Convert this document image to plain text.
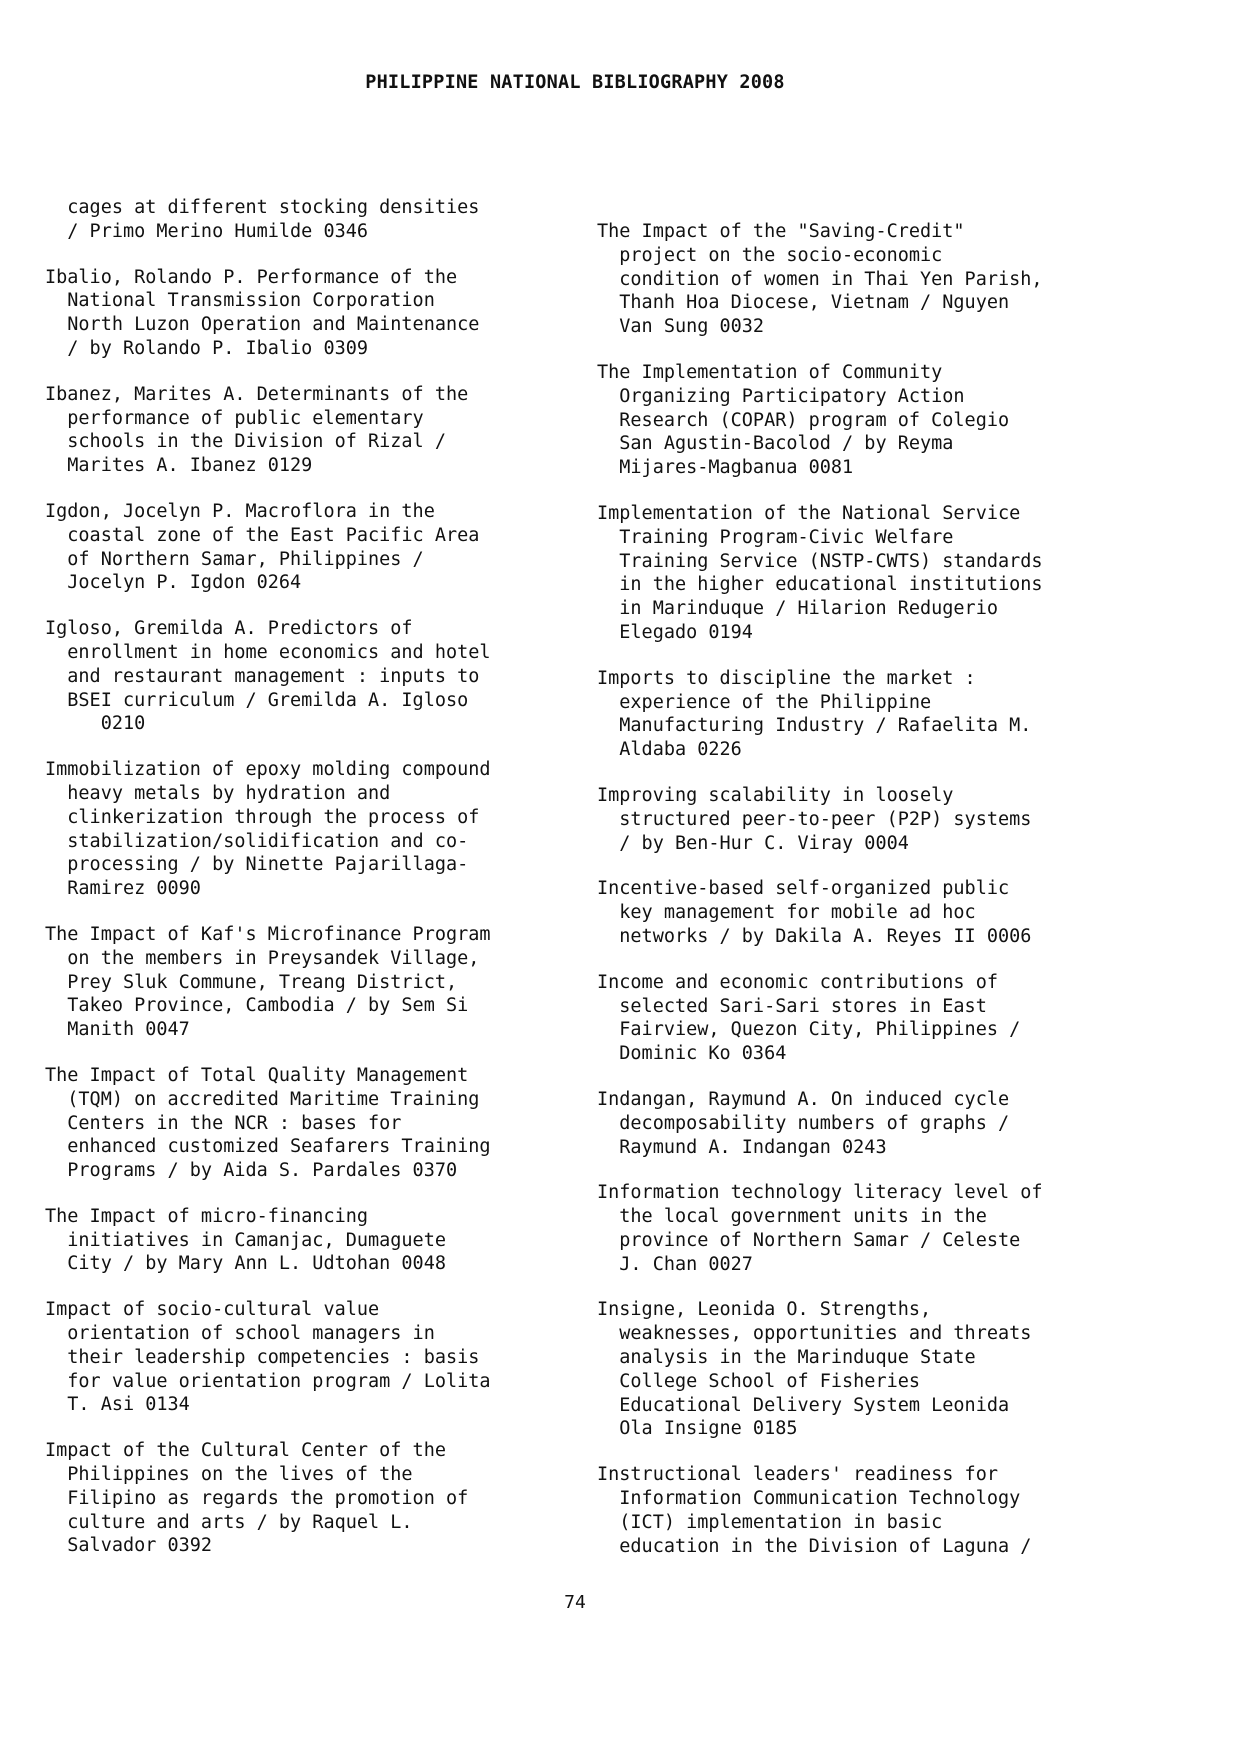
PHILIPPINE NATIONAL BIBLIOGRAPHY 2008

cages at different stocking densities
/ Primo Merino Humilde 0346

Ibalio, Rolando P. Performance of the
National Transmission Corporation
North Luzon Operation and Maintenance
/ by Rolando P. Ibalio 0309

Ibanez, Marites A. Determinants of the
performance of public elementary
schools in the Division of Rizal /
Marites A. Ibanez 0129

Igdon, Jocelyn P. Macroflora in the
coastal zone of the East Pacific Area
of Northern Samar, Philippines /
Jocelyn P. Igdon 0264

Igloso, Gremilda A. Predictors of
enrollment in home economics and hotel
and restaurant management : inputs to
BSEI curriculum / Gremilda A. Igloso
0210

Immobilization of epoxy molding compound
heavy metals by hydration and
clinkerization through the process of
stabilization/solidification and co-
processing / by Ninette Pajarillaga-
Ramirez 0090

The Impact of Kaf's Microfinance Program
on the members in Preysandek Village,
Prey Sluk Commune, Treang District,
Takeo Province, Cambodia / by Sem Si
Manith 0047

The Impact of Total Quality Management
(TQM) on accredited Maritime Training
Centers in the NCR : bases for
enhanced customized Seafarers Training
Programs / by Aida S. Pardales 0370

The Impact of micro-financing
initiatives in Camanjac, Dumaguete
City / by Mary Ann L. Udtohan 0048

Impact of socio-cultural value
orientation of school managers in
their leadership competencies : basis
for value orientation program / Lolita
T. Asi 0134

Impact of the Cultural Center of the
Philippines on the lives of the
Filipino as regards the promotion of
culture and arts / by Raquel L.
Salvador 0392

The Impact of the "Saving-Credit"
project on the socio-economic
condition of women in Thai Yen Parish,
Thanh Hoa Diocese, Vietnam / Nguyen
Van Sung 0032

The Implementation of Community
Organizing Participatory Action
Research (COPAR) program of Colegio
San Agustin-Bacolod / by Reyma
Mijares-Magbanua 0081

Implementation of the National Service
Training Program-Civic Welfare
Training Service (NSTP-CWTS) standards
in the higher educational institutions
in Marinduque / Hilarion Redugerio
Elegado 0194

Imports to discipline the market :
experience of the Philippine
Manufacturing Industry / Rafaelita M.
Aldaba 0226

Improving scalability in loosely
structured peer-to-peer (P2P) systems
/ by Ben-Hur C. Viray 0004

Incentive-based self-organized public
key management for mobile ad hoc
networks / by Dakila A. Reyes II 0006

Income and economic contributions of
selected Sari-Sari stores in East
Fairview, Quezon City, Philippines /
Dominic Ko 0364

Indangan, Raymund A. On induced cycle
decomposability numbers of graphs /
Raymund A. Indangan 0243

Information technology literacy level of
the local government units in the
province of Northern Samar / Celeste
J. Chan 0027

Insigne, Leonida O. Strengths,
weaknesses, opportunities and threats
analysis in the Marinduque State
College School of Fisheries
Educational Delivery System Leonida
Ola Insigne 0185

Instructional leaders' readiness for
Information Communication Technology
(ICT) implementation in basic
education in the Division of Laguna /

74
